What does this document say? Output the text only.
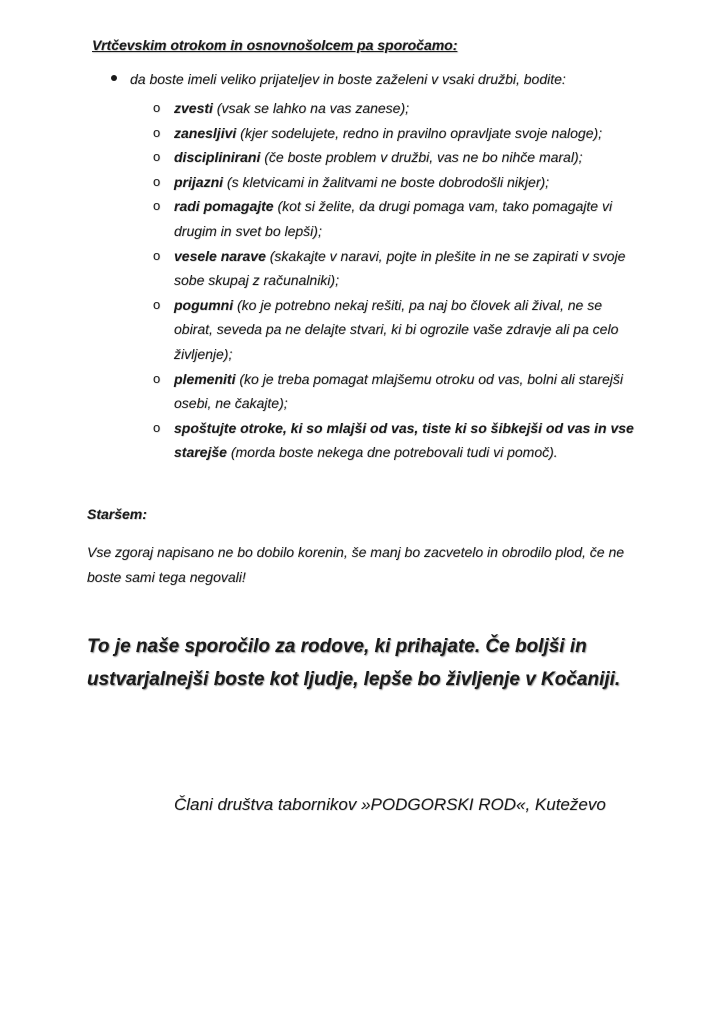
Vrtčevskim otrokom in osnovnošolcem pa sporočamo:
da boste imeli veliko prijateljev in boste zaželeni v vsaki družbi, bodite:
o zvesti (vsak se lahko na vas zanese);
o zanesljivi (kjer sodelujete, redno in pravilno opravljate svoje naloge);
o disciplinirani (če boste problem v družbi, vas ne bo nihče maral);
o prijazni (s kletvicami in žalitvami ne boste dobrodošli nikjer);
o radi pomagajte (kot si želite, da drugi pomaga vam, tako pomagajte vi drugim in svet bo lepši);
o vesele narave (skakajte v naravi, pojte in plešite in ne se zapirati v svoje sobe skupaj z računalniki);
o pogumni (ko je potrebno nekaj rešiti, pa naj bo človek ali žival, ne se obirat, seveda pa ne delajte stvari, ki bi ogrozile vaše zdravje ali pa celo življenje);
o plemeniti (ko je treba pomagat mlajšemu otroku od vas, bolni ali starejši osebi, ne čakajte);
o spoštujte otroke, ki so mlajši od vas, tiste ki so šibkejši od vas in vse starejše (morda boste nekega dne potrebovali tudi vi pomoč).
Staršem:
Vse zgoraj napisano ne bo dobilo korenin, še manj bo zacvetelo in obrodilo plod, če ne boste sami tega negovali!
To je naše sporočilo za rodove, ki prihajate. Če boljši in ustvarjalnejši boste kot ljudje, lepše bo življenje v Kočaniji.
Člani društva tabornikov »PODGORSKI ROD«, Kuteževo
